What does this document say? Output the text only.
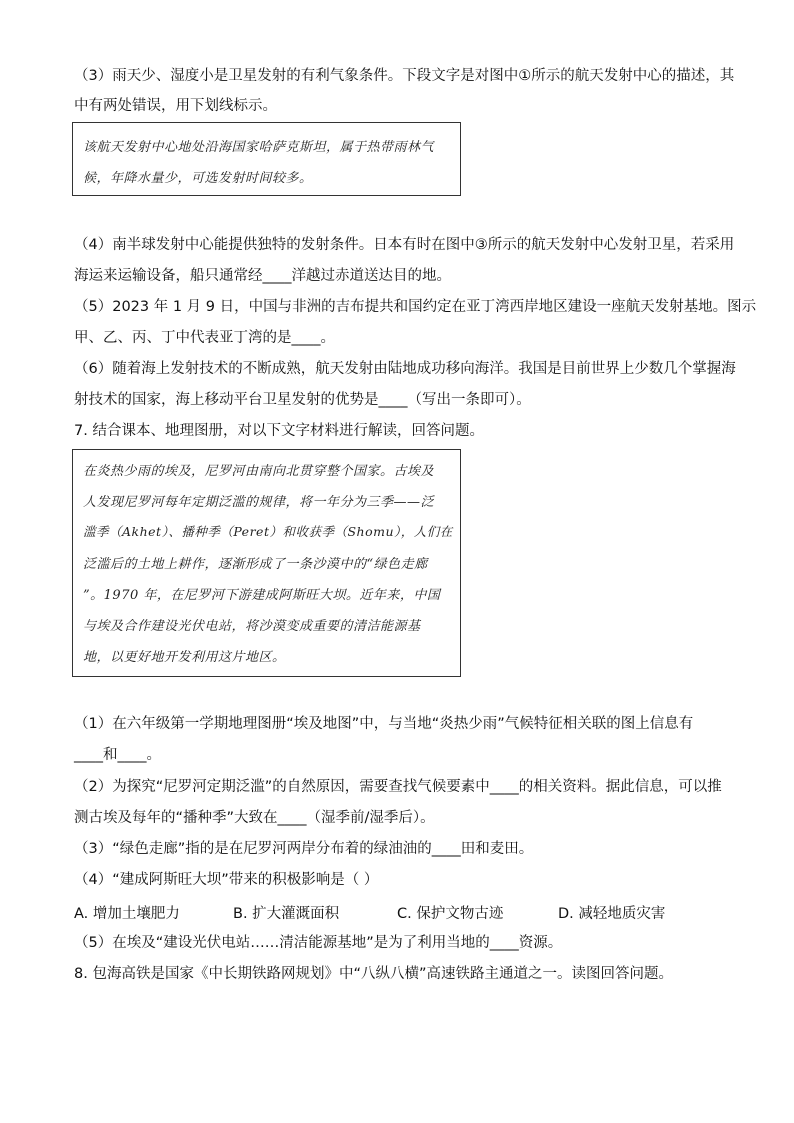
（3）雨天少、湿度小是卫星发射的有利气象条件。下段文字是对图中①所示的航天发射中心的描述，其
中有两处错误，用下划线标示。
该航天发射中心地处沿海国家哈萨克斯坦，属于热带雨林气
候，年降水量少，可选发射时间较多。
（4）南半球发射中心能提供独特的发射条件。日本有时在图中③所示的航天发射中心发射卫星，若采用
海运来运输设备，船只通常经____洋越过赤道送达目的地。
（5）2023 年 1 月 9 日，中国与非洲的吉布提共和国约定在亚丁湾西岸地区建设一座航天发射基地。图示
甲、乙、丙、丁中代表亚丁湾的是____。
（6）随着海上发射技术的不断成熟，航天发射由陆地成功移向海洋。我国是目前世界上少数几个掌握海
射技术的国家，海上移动平台卫星发射的优势是____（写出一条即可）。
7. 结合课本、地理图册，对以下文字材料进行解读，回答问题。
在炎热少雨的埃及，尼罗河由南向北贯穿整个国家。古埃及
人发现尼罗河每年定期泛滥的规律，将一年分为三季——泛
滥季（Akhet）、播种季（Peret）和收获季（Shomu），人们在
泛滥后的土地上耕作，逐渐形成了一条沙漠中的“绿色走廊
”。1970 年，在尼罗河下游建成阿斯旺大坝。近年来，中国
与埃及合作建设光伏电站，将沙漠变成重要的清洁能源基
地，以更好地开发利用这片地区。
（1）在六年级第一学期地理图册“埃及地图”中，与当地“炎热少雨”气候特征相关联的图上信息有
____和____。
（2）为探究“尼罗河定期泛滥”的自然原因，需要查找气候要素中____的相关资料。据此信息，可以推
测古埃及每年的“播种季”大致在____（湿季前/湿季后）。
（3）“绿色走廊”指的是在尼罗河两岸分布着的绿油油的____田和麦田。
（4）“建成阿斯旺大坝”带来的积极影响是（ ）
A. 增加土壤肥力	B. 扩大灌溉面积	C. 保护文物古迹	D. 减轻地质灾害
（5）在埃及“建设光伏电站……清洁能源基地”是为了利用当地的____资源。
8. 包海高铁是国家《中长期铁路网规划》中“八纵八横”高速铁路主通道之一。读图回答问题。
